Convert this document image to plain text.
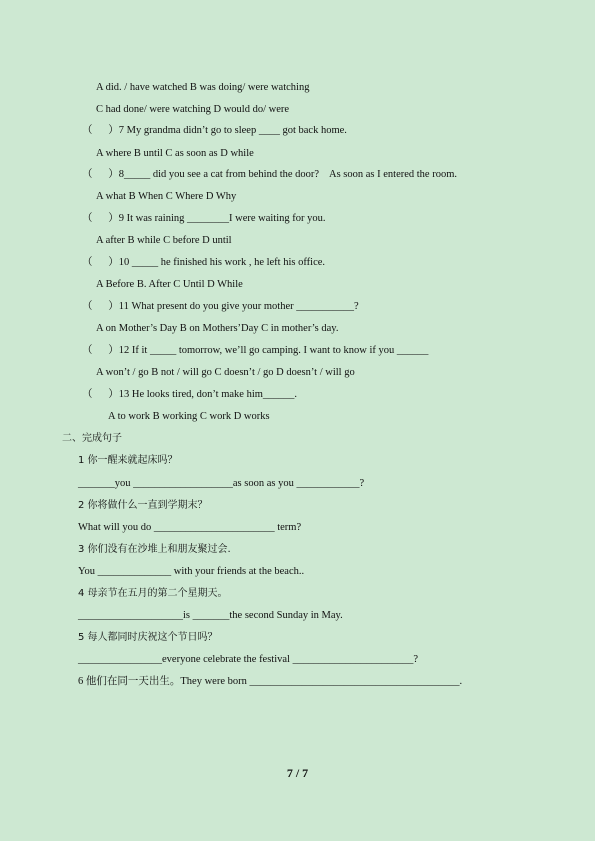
A did. / have watched B was doing/ were watching
C had done/ were watching D would do/ were
（      ）7 My grandma didn’t go to sleep ____ got back home.
A where B until C as soon as D while
（      ）8_____ did you see a cat from behind the door?    As soon as I entered the room.
A what B When C Where D Why
（      ）9 It was raining ________I were waiting for you.
A after B while C before D until
（      ）10 _____ he finished his work , he left his office.
A Before B. After C Until D While
（      ）11 What present do you give your mother ___________?
A on Mother’s Day B on Mothers’Day C in mother’s day.
（      ）12 If it _____ tomorrow, we’ll go camping. I want to know if you ______
A won’t / go B not / will go C doesn’t / go D doesn’t / will go
（      ）13 He looks tired, don’t make him______.
A to work B working C work D works
二、完成句子
1 你一醒来就起床吗？
_______you ___________________as soon as you ____________?
2 你将做什么一直到学期末？
What will you do _______________________ term?
3 你们没有在沙堆上和朋友聚过会.
You ______________ with your friends at the beach..
4 母亲节在五月的第二个星期天。
____________________is _______the second Sunday in May.
5 每人都同时庆祝这个节日吗？
________________everyone celebrate the festival _______________________?
6 他们在同一天出生。They were born ________________________________________.
7 / 7
